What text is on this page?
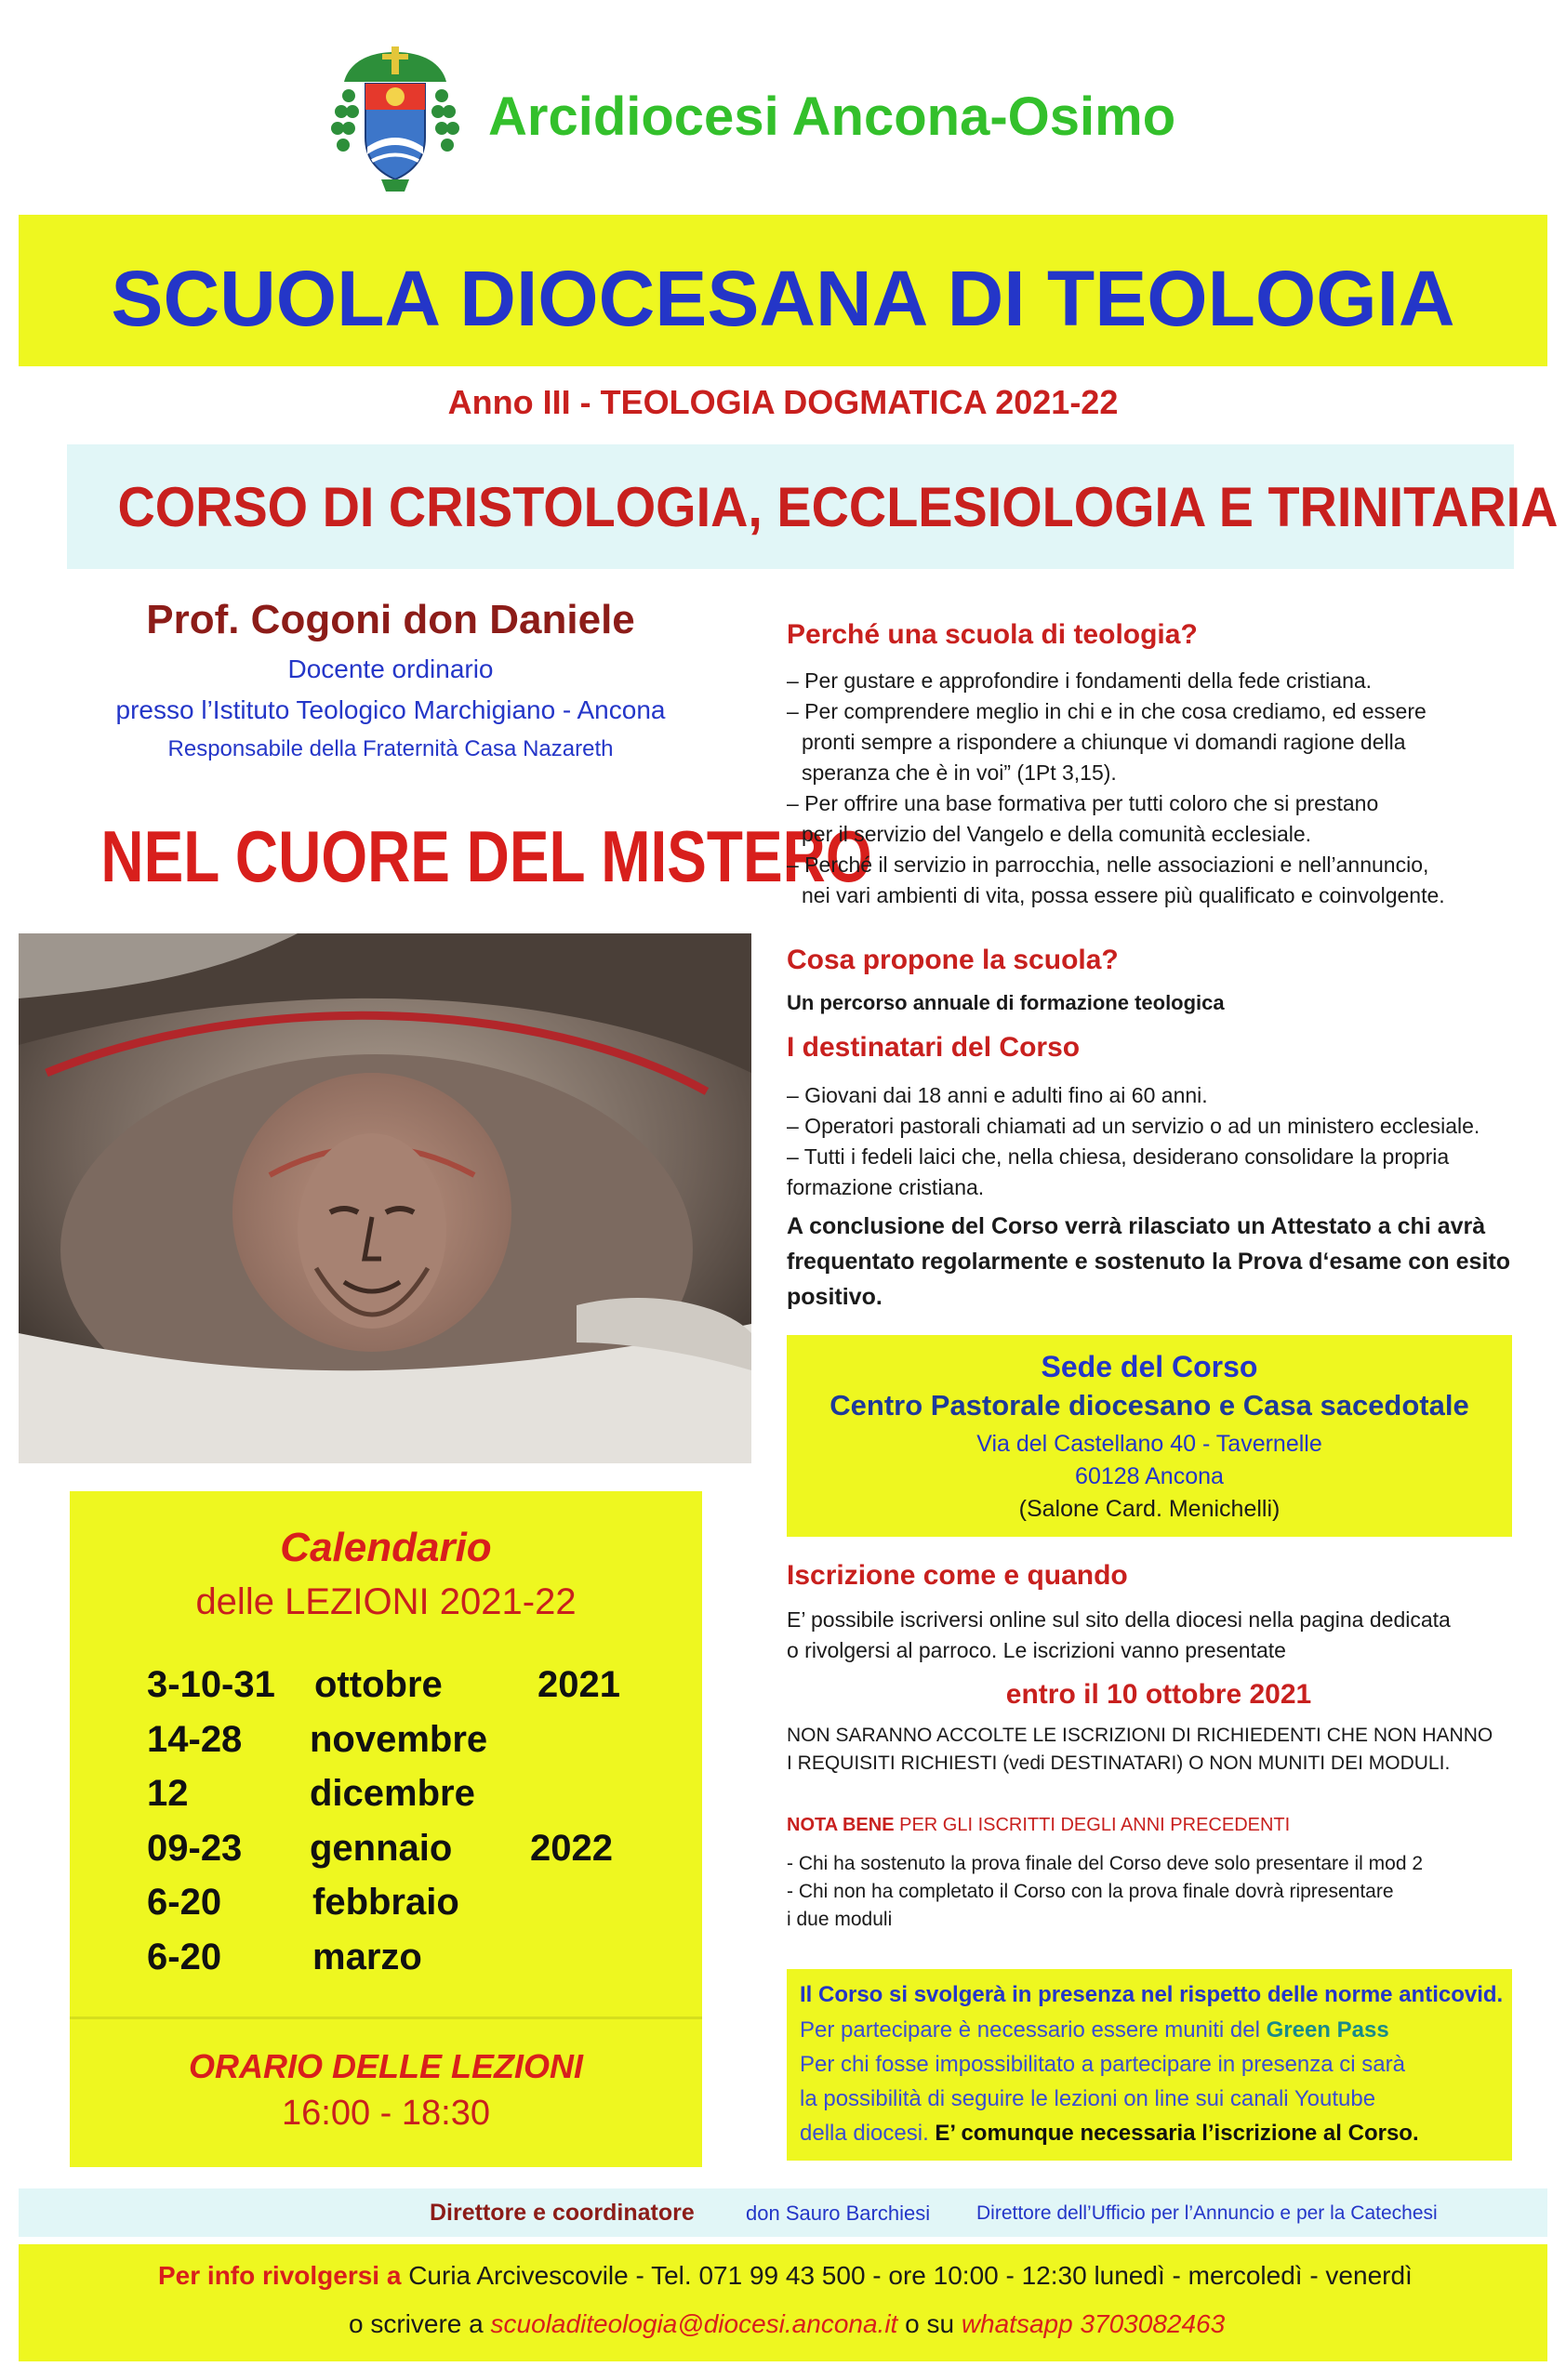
Arcidiocesi Ancona-Osimo
SCUOLA DIOCESANA DI TEOLOGIA
Anno III - TEOLOGIA DOGMATICA 2021-22
CORSO DI CRISTOLOGIA, ECCLESIOLOGIA E TRINITARIA
Prof. Cogoni don Daniele
Docente ordinario
presso l’Istituto Teologico Marchigiano - Ancona
Responsabile della Fraternità Casa Nazareth
NEL CUORE DEL MISTERO
Calendario
delle LEZIONI 2021-22
3-10-31 ottobre	2021
14-28 novembre
12	dicembre
09-23 gennaio 2022
6-20 febbraio
6-20 marzo
ORARIO DELLE LEZIONI
16:00 - 18:30
Perché una scuola di teologia?

– Per gustare e approfondire i fondamenti della fede cristiana.

– Per comprendere meglio in chi e in che cosa crediamo, ed essere

pronti sempre a rispondere a chiunque vi domandi ragione della

speranza che è in voi” (1Pt 3,15).

– Per offrire una base formativa per tutti coloro che si prestano

per il servizio del Vangelo e della comunità ecclesiale.

– Perché il servizio in parrocchia, nelle associazioni e nell’annuncio,

nei vari ambienti di vita, possa essere più qualificato e coinvolgente.

Cosa propone la scuola?
Un percorso annuale di formazione teologica
I destinatari del Corso

– Giovani dai 18 anni e adulti fino ai 60 anni.

– Operatori pastorali chiamati ad un servizio o ad un ministero ecclesiale.

– Tutti i fedeli laici che, nella chiesa, desiderano consolidare la propria

formazione cristiana.

A conclusione del Corso verrà rilasciato un Attestato a chi avrà frequentato regolarmente e sostenuto la Prova d‘esame con esito positivo.
Sede del Corso
Centro Pastorale diocesano e Casa sacedotale
Via del Castellano 40 - Tavernelle
60128 Ancona
(Salone Card. Menichelli)
Iscrizione come e quando

E’ possibile iscriversi online sul sito della diocesi nella pagina dedicata

o rivolgersi al parroco. Le iscrizioni vanno presentate

entro il 10 ottobre 2021
NON SARANNO ACCOLTE LE ISCRIZIONI DI RICHIEDENTI CHE NON HANNO
I REQUISITI RICHIESTI (vedi DESTINATARI) O NON MUNITI DEI MODULI.
NOTA BENE PER GLI ISCRITTI DEGLI ANNI PRECEDENTI
- Chi ha sostenuto la prova finale del Corso deve solo presentare il mod 2
- Chi non ha completato il Corso con la prova finale dovrà ripresentare
i due moduli
Il Corso si svolgerà in presenza nel rispetto delle norme anticovid.
Per partecipare è necessario essere muniti del Green Pass
Per chi fosse impossibilitato a partecipare in presenza ci sarà
la possibilità di seguire le lezioni on line sui canali Youtube
della diocesi. E’ comunque necessaria l’iscrizione al Corso.
Direttore e coordinatore	don Sauro Barchiesi Direttore dell’Ufficio per l’Annuncio e per la Catechesi
Per info rivolgersi a Curia Arcivescovile - Tel. 071 99 43 500 - ore 10:00 - 12:30 lunedì - mercoledì - venerdì
o scrivere a scuoladiteologia@diocesi.ancona.it o su whatsapp 3703082463
